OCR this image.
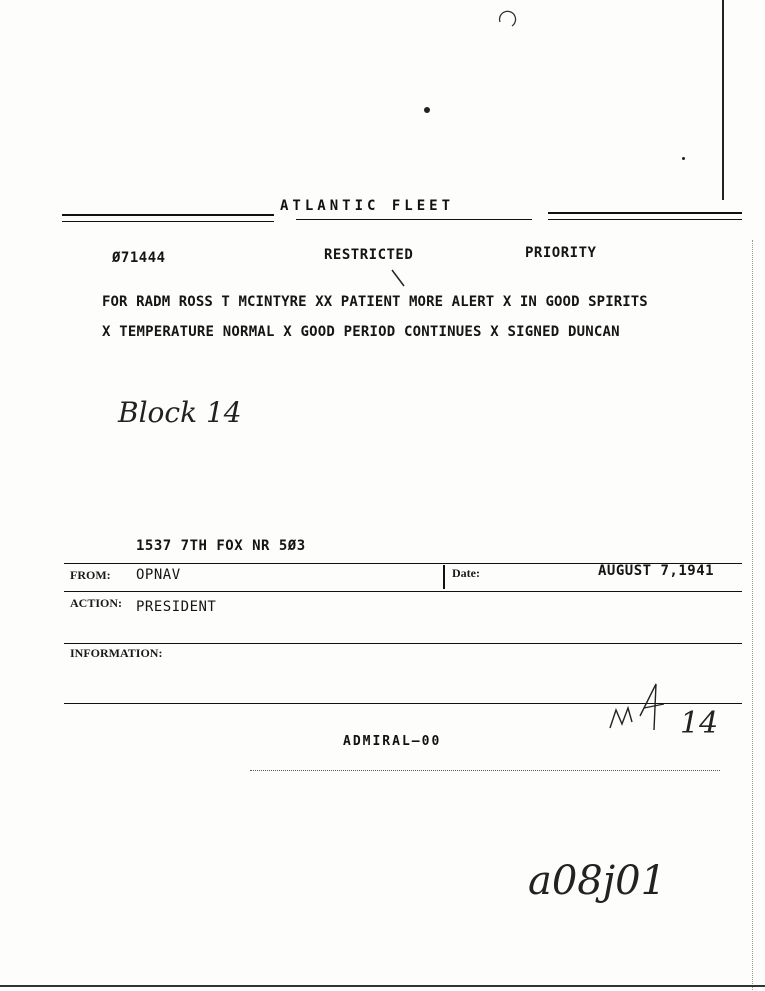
ATLANTIC FLEET
Ø71444	RESTRICTED	PRIORITY
FOR RADM ROSS T MCINTYRE XX PATIENT MORE ALERT X IN GOOD SPIRITS
X TEMPERATURE NORMAL X GOOD PERIOD CONTINUES X SIGNED DUNCAN
Block 14
1537 7TH FOX NR 5Ø3
FROM: OPNAV	Date:	AUGUST 7,1941
ACTION: PRESIDENT
INFORMATION:
14
ADMIRAL—00
a08j01
